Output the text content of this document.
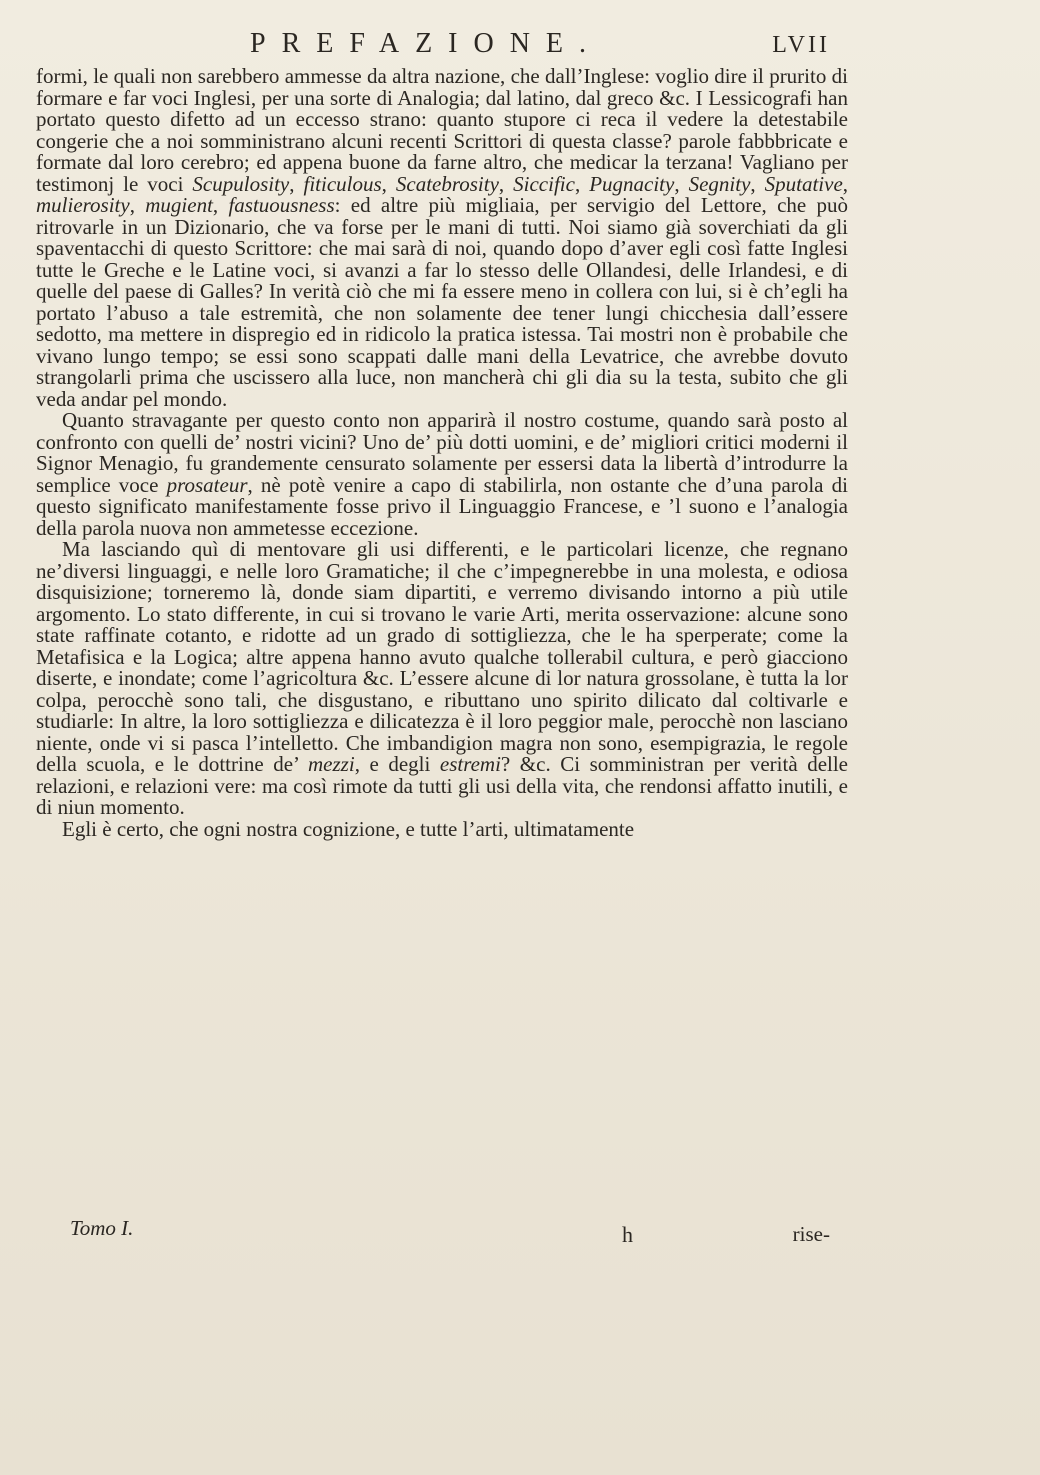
PREFAZIONE.	LVII

formi, le quali non sarebbero ammesse da altra nazione, che dall’Inglese: voglio dire il prurito di formare e far voci Inglesi, per una sorte di Analogia; dal latino, dal greco &c. I Lessicografi han portato questo difetto ad un eccesso strano: quanto stupore ci reca il vedere la detestabile congerie che a noi somministrano alcuni recenti Scrittori di questa classe? parole fabbbricate e formate dal loro cerebro; ed appena buone da farne altro, che medicar la terzana! Vagliano per testimonj le voci Scupulosity, fiticulous, Scatebrosity, Siccific, Pugnacity, Segnity, Sputative, mulierosity, mugient, fastuousness: ed altre più migliaia, per servigio del Lettore, che può ritrovarle in un Dizionario, che va forse per le mani di tutti. Noi siamo già soverchiati da gli spaventacchi di questo Scrittore: che mai sarà di noi, quando dopo d’aver egli così fatte Inglesi tutte le Greche e le Latine voci, si avanzi a far lo stesso delle Ollandesi, delle Irlandesi, e di quelle del paese di Galles? In verità ciò che mi fa essere meno in collera con lui, si è ch’egli ha portato l’abuso a tale estremità, che non solamente dee tener lungi chicchesia dall’essere sedotto, ma mettere in dispregio ed in ridicolo la pratica istessa. Tai mostri non è probabile che vivano lungo tempo; se essi sono scappati dalle mani della Levatrice, che avrebbe dovuto strangolarli prima che uscissero alla luce, non mancherà chi gli dia su la testa, subito che gli veda andar pel mondo.

Quanto stravagante per questo conto non apparirà il nostro costume, quando sarà posto al confronto con quelli de’ nostri vicini? Uno de’ più dotti uomini, e de’ migliori critici moderni il Signor Menagio, fu grandemente censurato solamente per essersi data la libertà d’introdurre la semplice voce prosateur, nè potè venire a capo di stabilirla, non ostante che d’una parola di questo significato manifestamente fosse privo il Linguaggio Francese, e ’l suono e l’analogia della parola nuova non ammetesse eccezione.

Ma lasciando quì di mentovare gli usi differenti, e le particolari licenze, che regnano ne’diversi linguaggi, e nelle loro Gramatiche; il che c’impegnerebbe in una molesta, e odiosa disquisizione; torneremo là, donde siam dipartiti, e verremo divisando intorno a più utile argomento. Lo stato differente, in cui si trovano le varie Arti, merita osservazione: alcune sono state raffinate cotanto, e ridotte ad un grado di sottigliezza, che le ha sperperate; come la Metafisica e la Logica; altre appena hanno avuto qualche tollerabil cultura, e però giacciono diserte, e inondate; come l’agricoltura &c. L’essere alcune di lor natura grossolane, è tutta la lor colpa, perocchè sono tali, che disgustano, e ributtano uno spirito dilicato dal coltivarle e studiarle: In altre, la loro sottigliezza e dilicatezza è il loro peggior male, perocchè non lasciano niente, onde vi si pasca l’intelletto. Che imbandigion magra non sono, esempigrazia, le regole della scuola, e le dottrine de’ mezzi, e degli estremi? &c. Ci somministran per verità delle relazioni, e relazioni vere: ma così rimote da tutti gli usi della vita, che rendonsi affatto inutili, e di niun momento.

Egli è certo, che ogni nostra cognizione, e tutte l’arti, ultimatamente

Tomo I.	h	rise-
